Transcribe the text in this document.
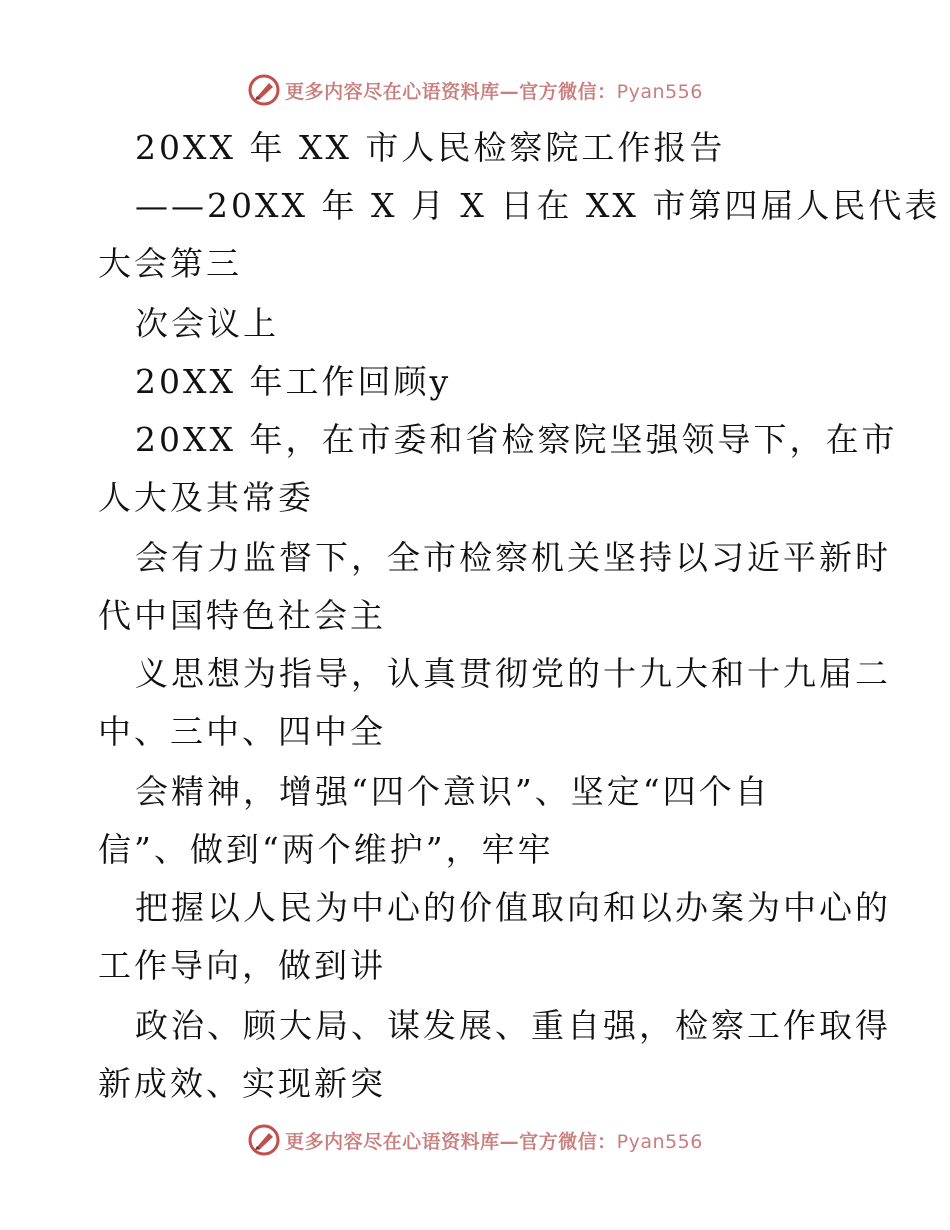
更多内容尽在心语资料库—官方微信：Pyan556
20XX 年 XX 市人民检察院工作报告
——20XX 年 X 月 X 日在 XX 市第四届人民代表
大会第三
次会议上
20XX 年工作回顾y
20XX 年，在市委和省检察院坚强领导下，在市
人大及其常委
会有力监督下，全市检察机关坚持以习近平新时
代中国特色社会主
义思想为指导，认真贯彻党的十九大和十九届二
中、三中、四中全
会精神，增强“四个意识”、坚定“四个自
信”、做到“两个维护”，牢牢
把握以人民为中心的价值取向和以办案为中心的
工作导向，做到讲
政治、顾大局、谋发展、重自强，检察工作取得
新成效、实现新突
更多内容尽在心语资料库—官方微信：Pyan556
